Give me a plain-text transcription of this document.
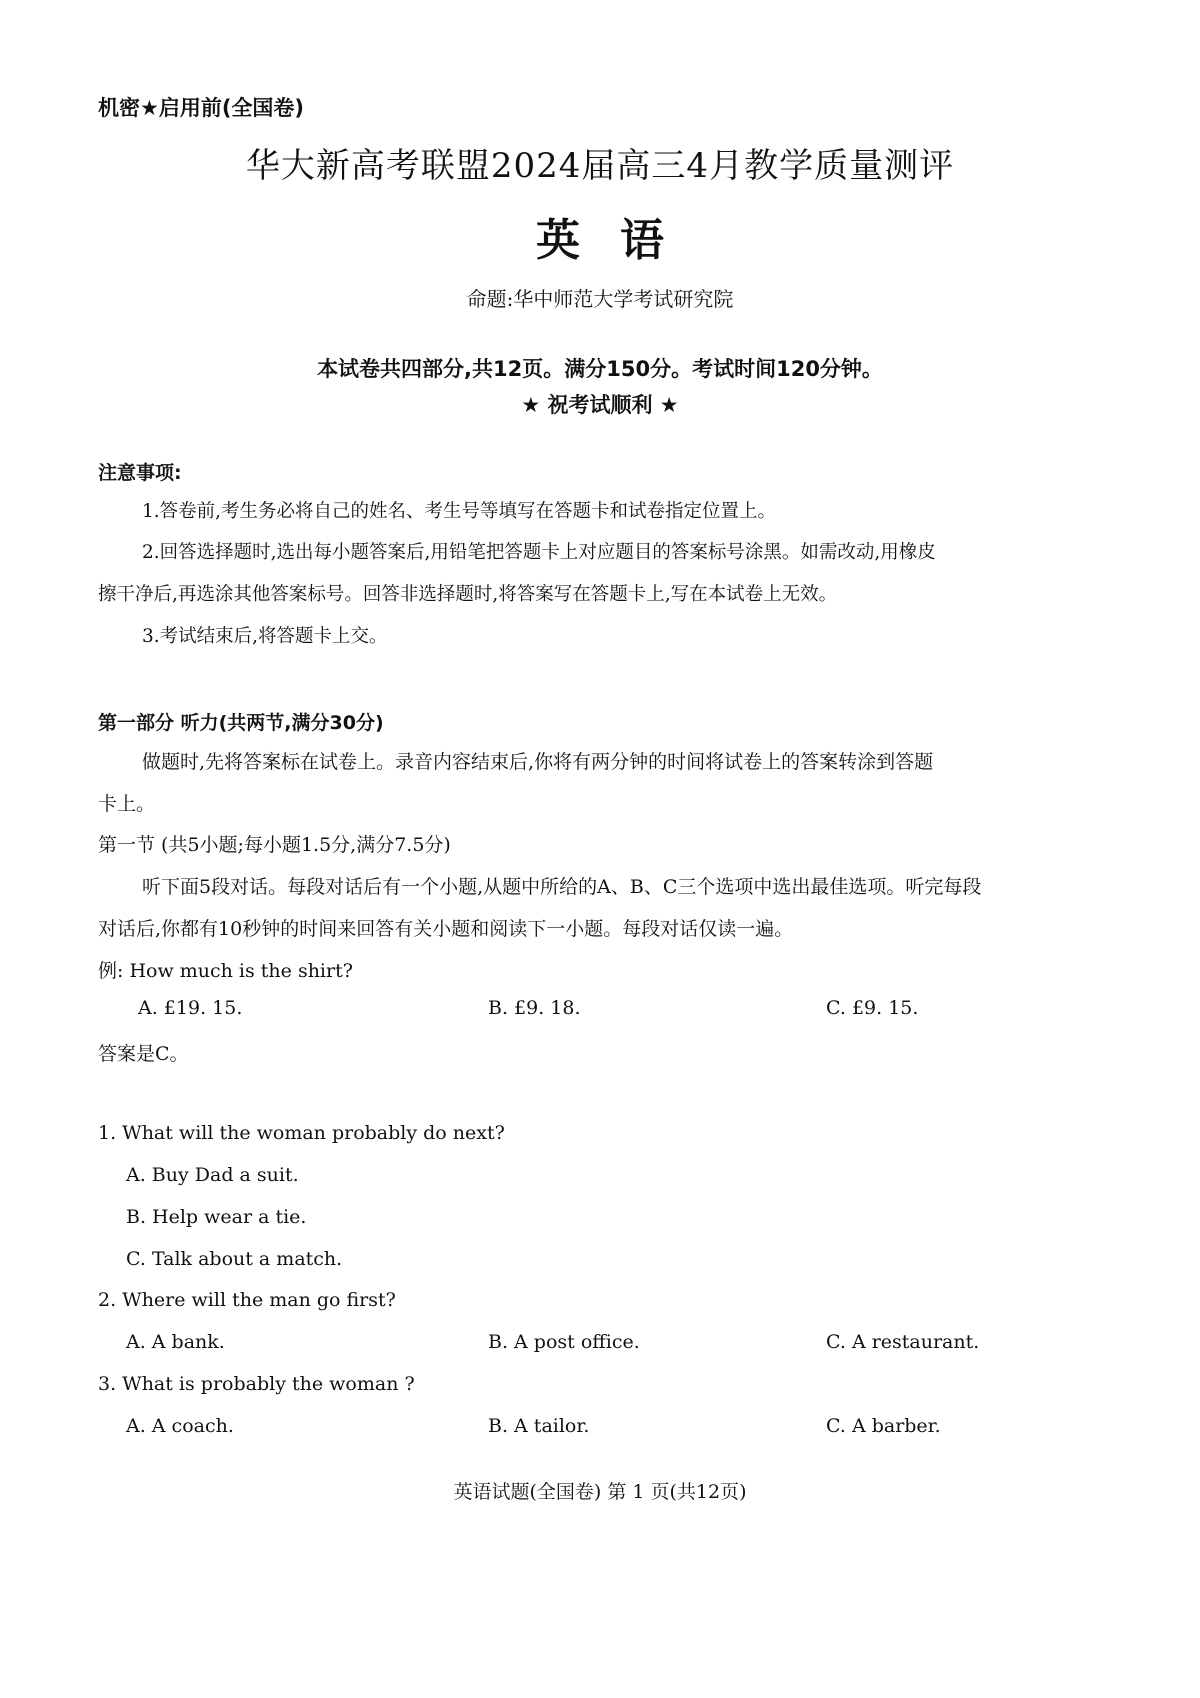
机密★启用前(全国卷)
华大新高考联盟2024届高三4月教学质量测评
英语
命题:华中师范大学考试研究院
本试卷共四部分,共12页。满分150分。考试时间120分钟。
★ 祝考试顺利 ★
注意事项:
1.答卷前,考生务必将自己的姓名、考生号等填写在答题卡和试卷指定位置上。
2.回答选择题时,选出每小题答案后,用铅笔把答题卡上对应题目的答案标号涂黑。如需改动,用橡皮
擦干净后,再选涂其他答案标号。回答非选择题时,将答案写在答题卡上,写在本试卷上无效。
3.考试结束后,将答题卡上交。
第一部分 听力(共两节,满分30分)
做题时,先将答案标在试卷上。录音内容结束后,你将有两分钟的时间将试卷上的答案转涂到答题
卡上。
第一节 (共5小题;每小题1.5分,满分7.5分)
听下面5段对话。每段对话后有一个小题,从题中所给的A、B、C三个选项中选出最佳选项。听完每段
对话后,你都有10秒钟的时间来回答有关小题和阅读下一小题。每段对话仅读一遍。
例: How much is the shirt?
A. £19. 15.	B. £9. 18.	C. £9. 15.
答案是C。
1. What will the woman probably do next?
A. Buy Dad a suit.
B. Help wear a tie.
C. Talk about a match.
2. Where will the man go first?
A. A bank.	B. A post office.	C. A restaurant.
3. What is probably the woman ?
A. A coach.	B. A tailor.	C. A barber.
英语试题(全国卷) 第 1 页(共12页)
